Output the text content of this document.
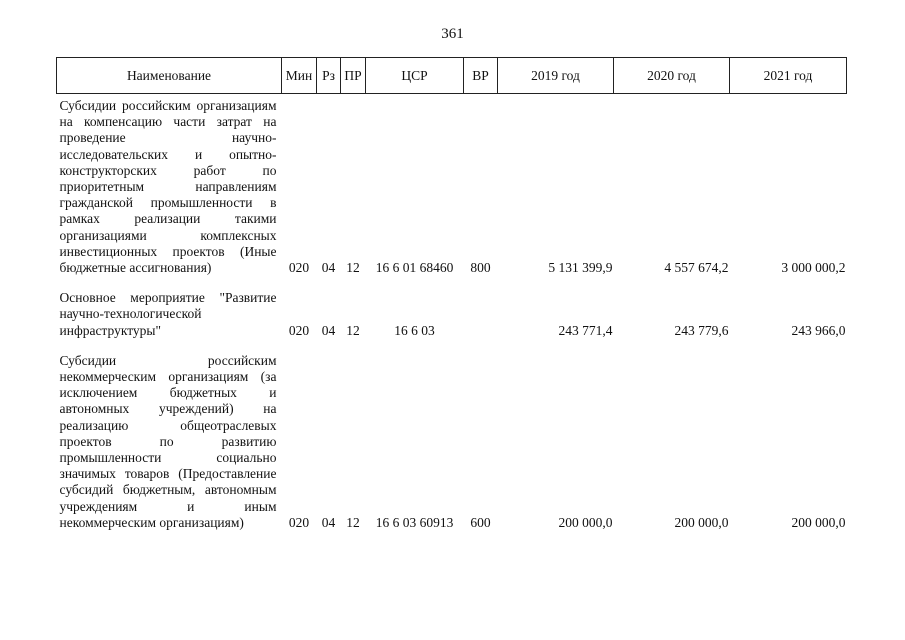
361
Наименование	Мин	Рз	ПР	ЦСР	ВР	2019 год	2020 год	2021 год
Субсидии российским организациям на компенсацию части затрат на проведение научно-исследовательских и опытно-конструкторских работ по приоритетным направлениям гражданской промышленности в рамках реализации такими организациями комплексных инвестиционных проектов (Иные бюджетные ассигнования)	020	04	12	16 6 01 68460	800	5 131 399,9	4 557 674,2	3 000 000,2
Основное мероприятие "Развитие научно-технологической инфраструктуры"	020	04	12	16 6 03		243 771,4	243 779,6	243 966,0
Субсидии российским некоммерческим организациям (за исключением бюджетных и автономных учреждений) на реализацию общеотраслевых проектов по развитию промышленности социально значимых товаров (Предоставление субсидий бюджетным, автономным учреждениям и иным некоммерческим организациям)	020	04	12	16 6 03 60913	600	200 000,0	200 000,0	200 000,0
